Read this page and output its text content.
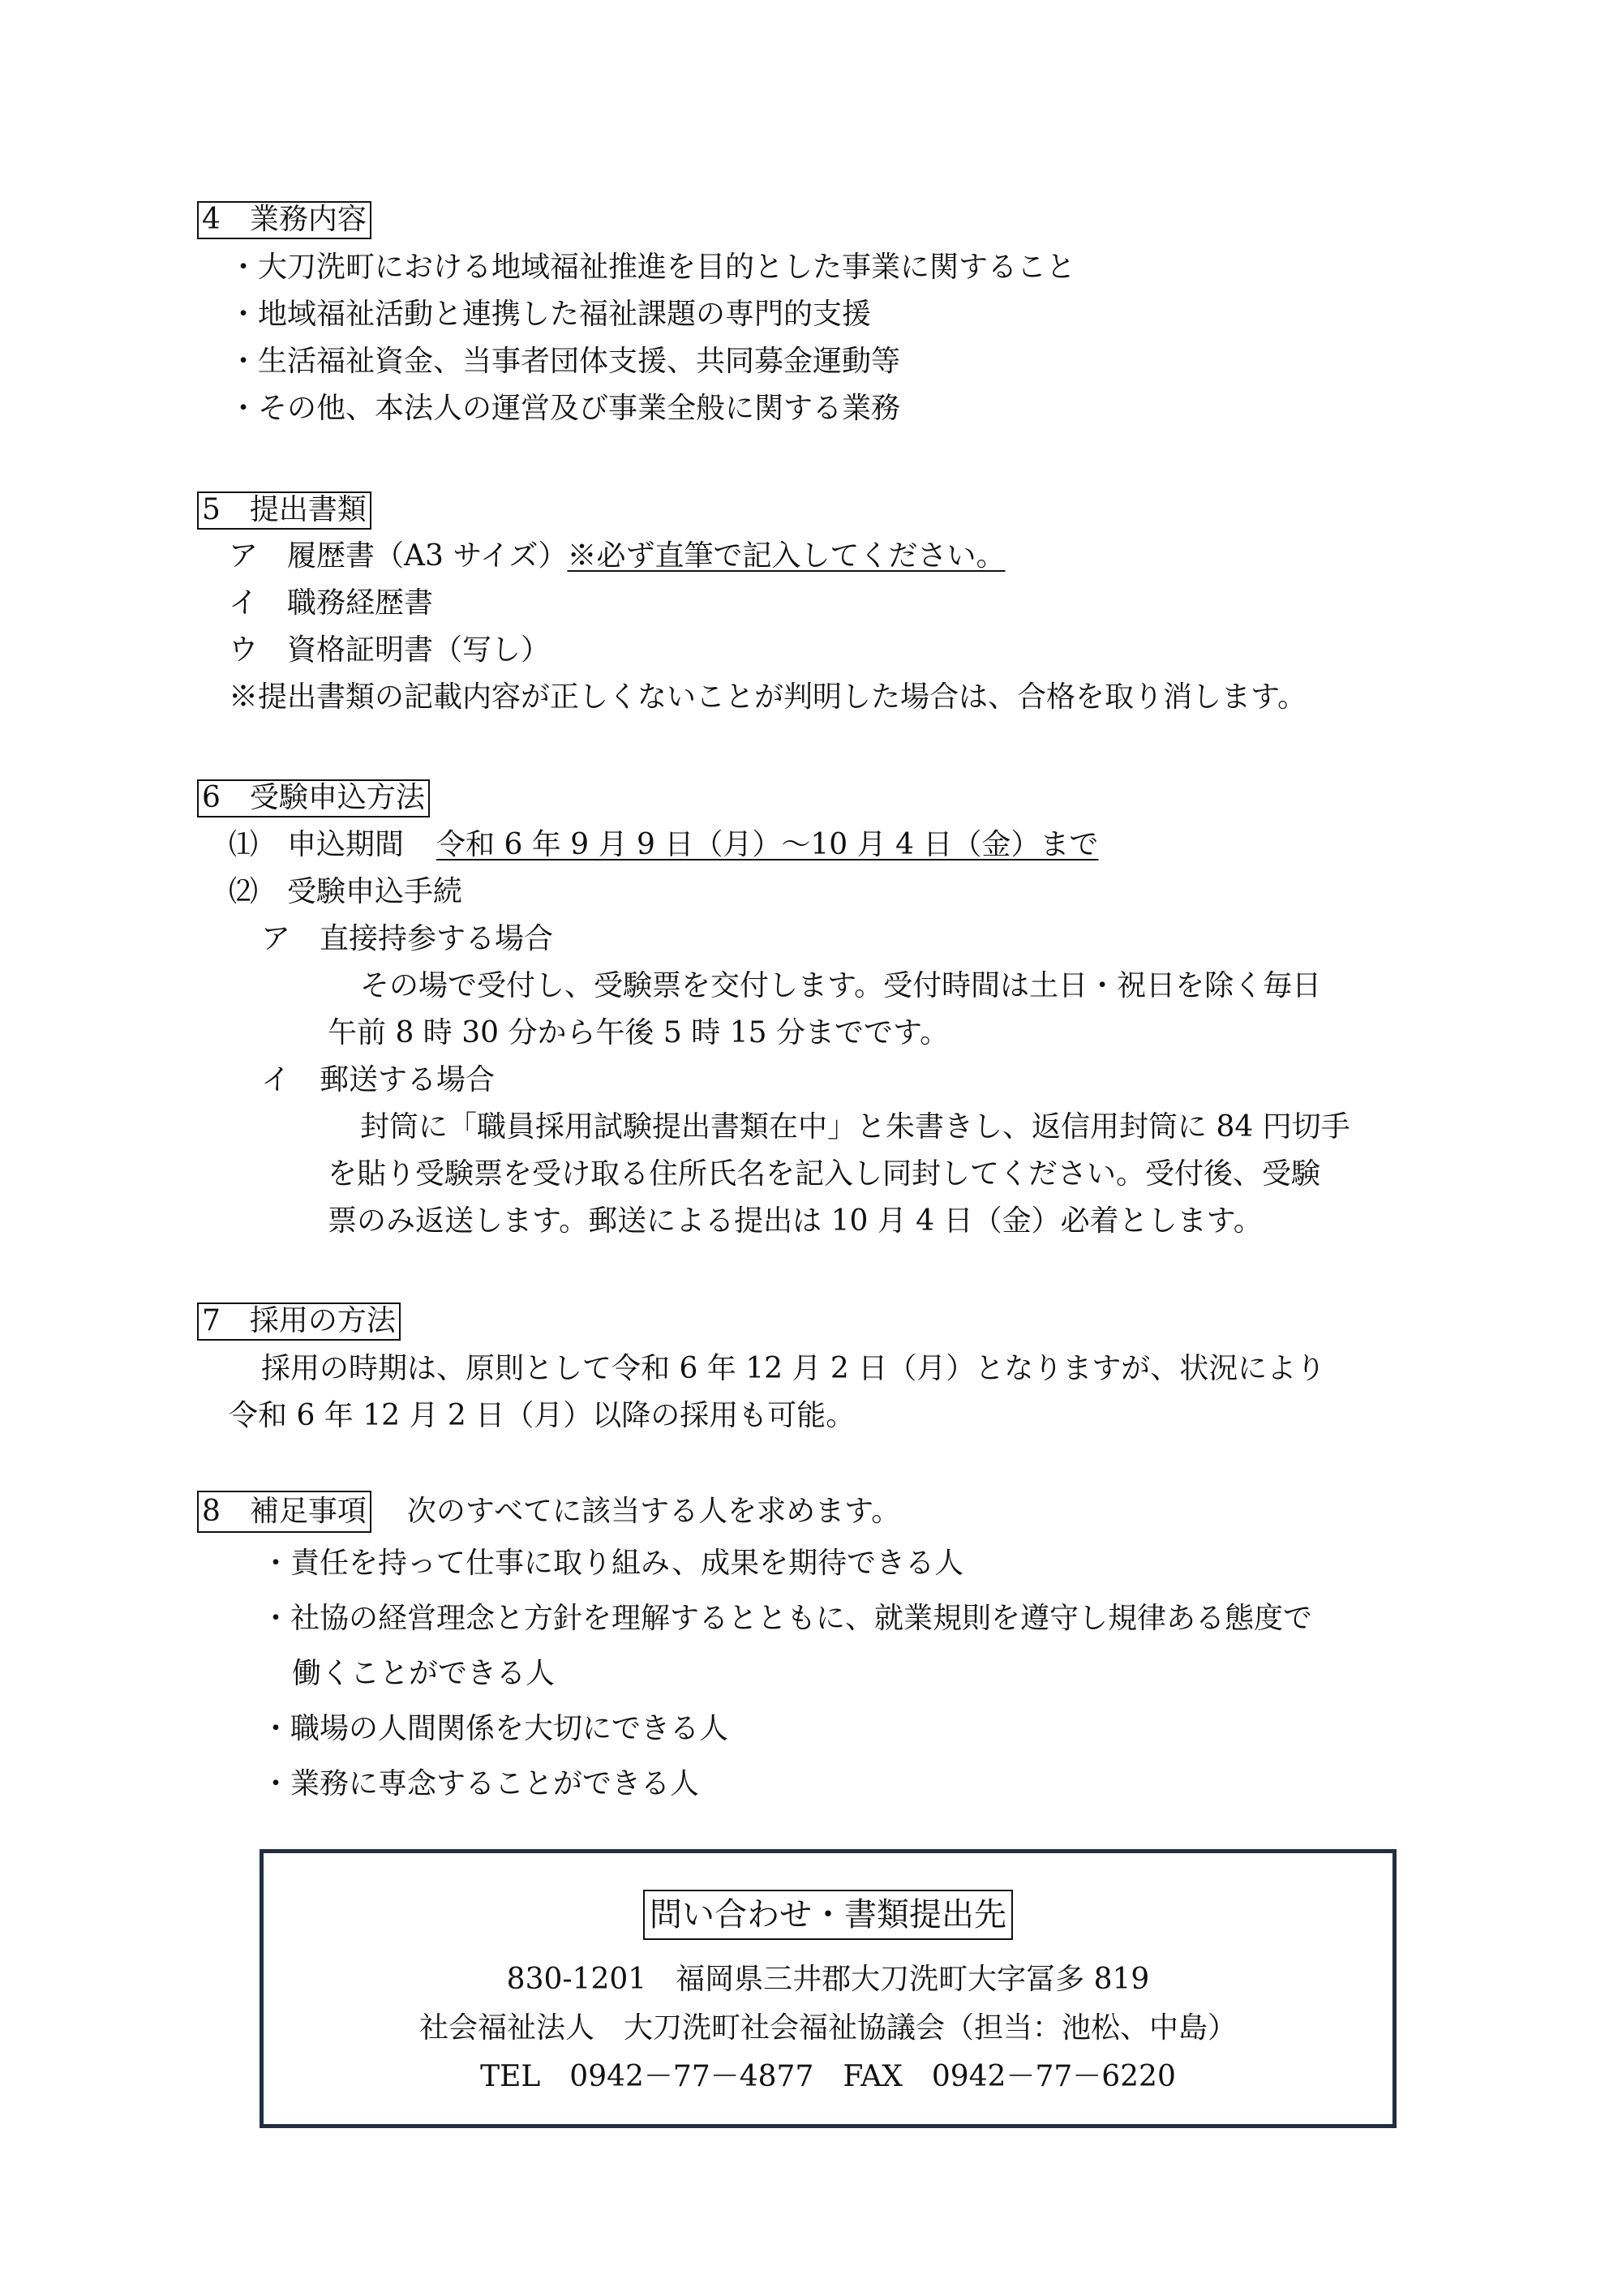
4　業務内容
・大刀洗町における地域福祉推進を目的とした事業に関すること
・地域福祉活動と連携した福祉課題の専門的支援
・生活福祉資金、当事者団体支援、共同募金運動等
・その他、本法人の運営及び事業全般に関する業務
5　提出書類
ア　履歴書（A3 サイズ）※必ず直筆で記入してください。
イ　職務経歴書
ウ　資格証明書（写し）
※提出書類の記載内容が正しくないことが判明した場合は、合格を取り消します。
6　受験申込方法
⑴　申込期間 令和 6 年 9 月 9 日（月）～10 月 4 日（金）まで
⑵　受験申込手続
ア　直接持参する場合
その場で受付し、受験票を交付します。受付時間は土日・祝日を除く毎日
午前 8 時 30 分から午後 5 時 15 分までです。
イ　郵送する場合
封筒に「職員採用試験提出書類在中」と朱書きし、返信用封筒に 84 円切手
を貼り受験票を受け取る住所氏名を記入し同封してください。受付後、受験
票のみ返送します。郵送による提出は 10 月 4 日（金）必着とします。
7　採用の方法
採用の時期は、原則として令和 6 年 12 月 2 日（月）となりますが、状況により
令和 6 年 12 月 2 日（月）以降の採用も可能。
8　補足事項 次のすべてに該当する人を求めます。
・責任を持って仕事に取り組み、成果を期待できる人
・社協の経営理念と方針を理解するとともに、就業規則を遵守し規律ある態度で
働くことができる人
・職場の人間関係を大切にできる人
・業務に専念することができる人
問い合わせ・書類提出先
830-1201　福岡県三井郡大刀洗町大字冨多 819
社会福祉法人　大刀洗町社会福祉協議会（担当：池松、中島）
TEL　0942－77－4877　FAX　0942－77－6220
